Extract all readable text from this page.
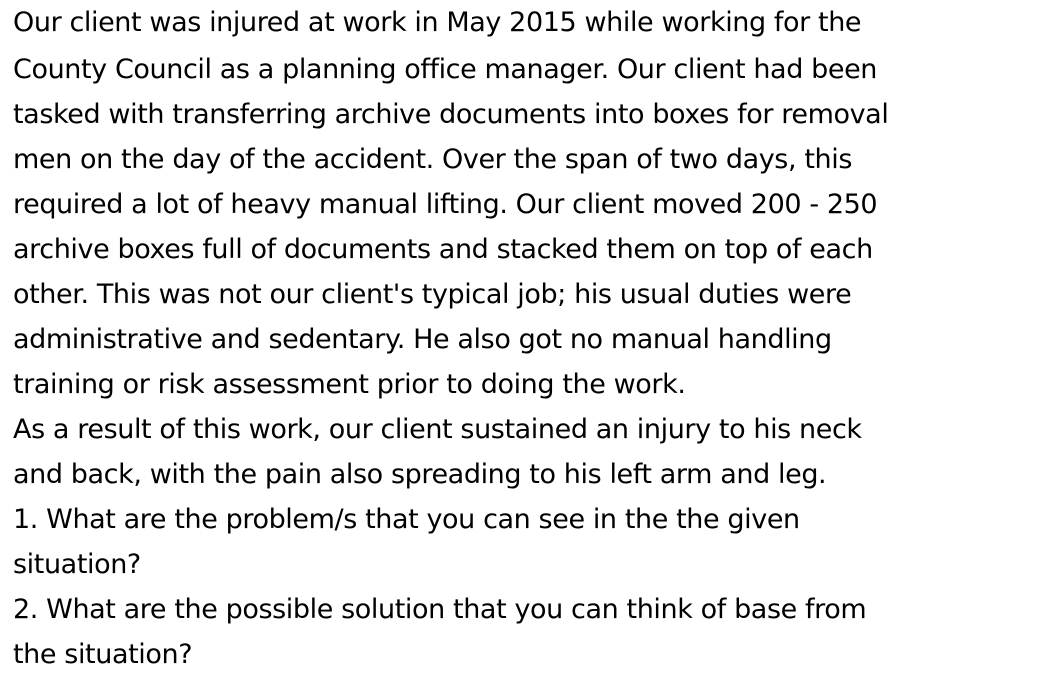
Our client was injured at work in May 2015 while working for the
County Council as a planning office manager. Our client had been
tasked with transferring archive documents into boxes for removal
men on the day of the accident. Over the span of two days, this
required a lot of heavy manual lifting. Our client moved 200 - 250
archive boxes full of documents and stacked them on top of each
other. This was not our client's typical job; his usual duties were
administrative and sedentary. He also got no manual handling
training or risk assessment prior to doing the work.
As a result of this work, our client sustained an injury to his neck
and back, with the pain also spreading to his left arm and leg.
1. What are the problem/s that you can see in the the given
situation?
2. What are the possible solution that you can think of base from
the situation?
